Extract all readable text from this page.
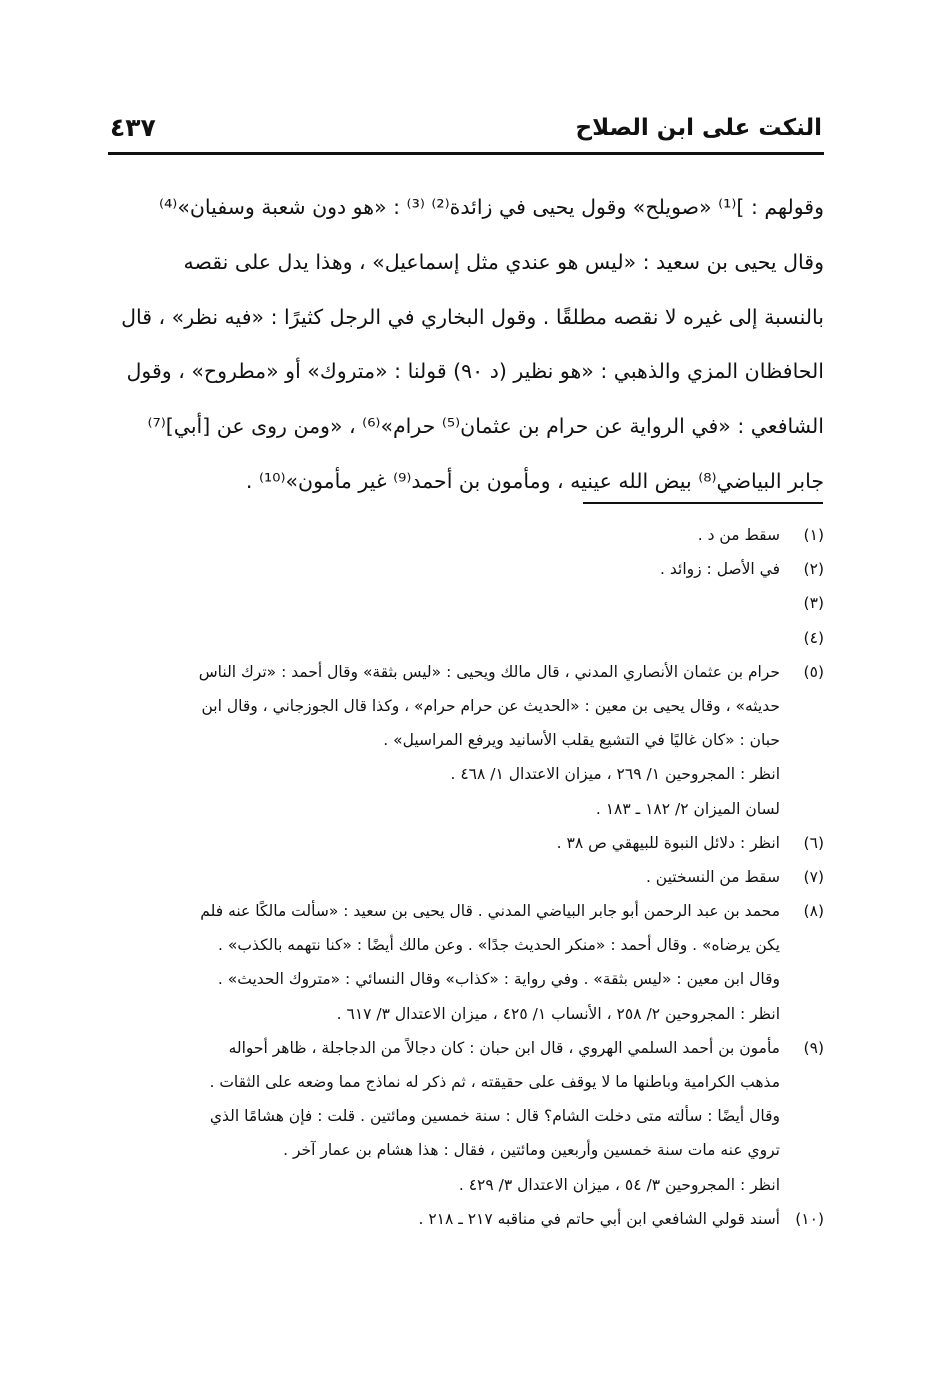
النكت على ابن الصلاح
٤٣٧
وقولهم : ]⁽¹⁾ «صويلح» وقول يحيى في زائدة⁽²⁾ ⁽³⁾ : «هو دون شعبة وسفيان»⁽⁴⁾
وقال يحيى بن سعيد : «ليس هو عندي مثل إسماعيل» ، وهذا يدل على نقصه
بالنسبة إلى غيره لا نقصه مطلقًا . وقول البخاري في الرجل كثيرًا : «فيه نظر» ، قال
الحافظان المزي والذهبي : «هو نظير (د ٩٠) قولنا : «متروك» أو «مطروح» ، وقول
الشافعي : «في الرواية عن حرام بن عثمان⁽⁵⁾ حرام»⁽⁶⁾ ، «ومن روى عن [أبي]⁽⁷⁾
جابر البياضي⁽⁸⁾ بيض الله عينيه ، ومأمون بن أحمد⁽⁹⁾ غير مأمون»⁽¹⁰⁾ .
(١)
سقط من د .
(٢)
في الأصل : زوائد .
(٣)
(٤)
(٥)
حرام بن عثمان الأنصاري المدني ، قال مالك ويحيى : «ليس بثقة» وقال أحمد : «ترك الناس
حديثه» ، وقال يحيى بن معين : «الحديث عن حرام حرام» ، وكذا قال الجوزجاني ، وقال ابن
حبان : «كان غاليًا في التشيع يقلب الأسانيد ويرفع المراسيل» .
انظر : المجروحين ١/ ٢٦٩ ، ميزان الاعتدال ١/ ٤٦٨ .
لسان الميزان ٢/ ١٨٢ ـ ١٨٣ .
(٦)
انظر : دلائل النبوة للبيهقي ص ٣٨ .
(٧)
سقط من النسختين .
(٨)
محمد بن عبد الرحمن أبو جابر البياضي المدني . قال يحيى بن سعيد : «سألت مالكًا عنه فلم
يكن يرضاه» . وقال أحمد : «منكر الحديث جدًا» . وعن مالك أيضًا : «كنا نتهمه بالكذب» .
وقال ابن معين : «ليس بثقة» . وفي رواية : «كذاب» وقال النسائي : «متروك الحديث» .
انظر : المجروحين ٢/ ٢٥٨ ، الأنساب ١/ ٤٢٥ ، ميزان الاعتدال ٣/ ٦١٧ .
(٩)
مأمون بن أحمد السلمي الهروي ، قال ابن حبان : كان دجالاً من الدجاجلة ، ظاهر أحواله
مذهب الكرامية وباطنها ما لا يوقف على حقيقته ، ثم ذكر له نماذج مما وضعه على الثقات .
وقال أيضًا : سألته متى دخلت الشام؟ قال : سنة خمسين ومائتين . قلت : فإن هشامًا الذي
تروي عنه مات سنة خمسين وأربعين ومائتين ، فقال : هذا هشام بن عمار آخر .
انظر : المجروحين ٣/ ٥٤ ، ميزان الاعتدال ٣/ ٤٢٩ .
(١٠)
أسند قولي الشافعي ابن أبي حاتم في مناقبه ٢١٧ ـ ٢١٨ .
